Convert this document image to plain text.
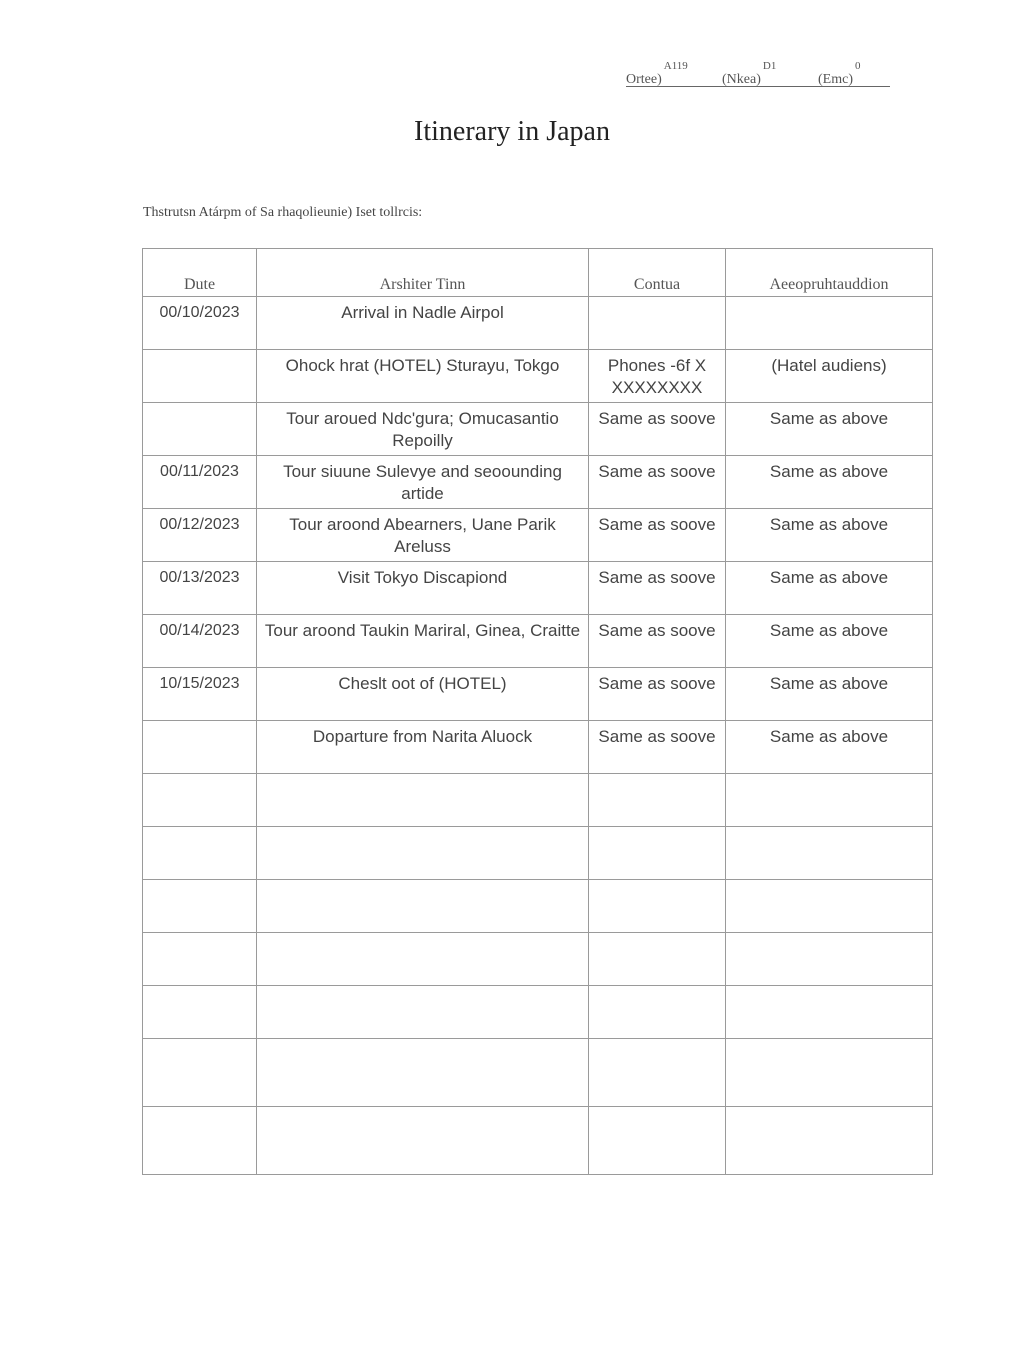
Ortee)$^{A119}$
(Nkea)$^{D1}$
(Emc)$^0$
Itinerary in Japan
Thstrutsn Atárpm of Sa rhaqolieunie) Iset tollrcis:
Dute	Arshiter Tinn	Contua	Aeeopruhtauddion
00/10/2023	Arrival in Nadle Airpol		
	Ohock hrat (HOTEL) Sturayu, Tokgo	Phones -6f X XXXXXXXX	(Hatel audiens)
	Tour aroued Ndc'gura; Omucasantio Repoilly	Same as soove	Same as above
00/11/2023	Tour siuune Sulevye and seoounding artide	Same as soove	Same as above
00/12/2023	Tour aroond Abearners, Uane Parik Areluss	Same as soove	Same as above
00/13/2023	Visit Tokyo Discapiond	Same as soove	Same as above
00/14/2023	Tour aroond Taukin Mariral, Ginea, Craitte	Same as soove	Same as above
10/15/2023	Cheslt oot of (HOTEL)	Same as soove	Same as above
	Doparture from Narita Aluock	Same as soove	Same as above
